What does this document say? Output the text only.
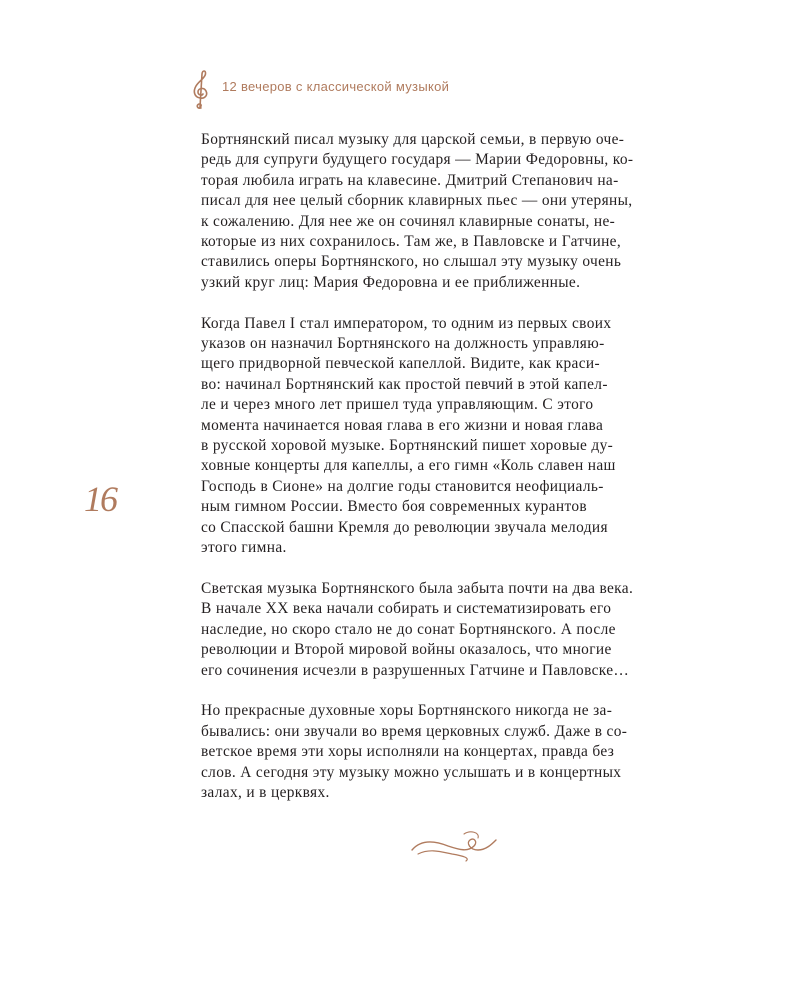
12 вечеров с классической музыкой
16

Бортнянский писал музыку для царской семьи, в первую оче-
редь для супруги будущего государя — Марии Федоровны, ко-
торая любила играть на клавесине. Дмитрий Степанович на-
писал для нее целый сборник клавирных пьес — они утеряны,
к сожалению. Для нее же он сочинял клавирные сонаты, не-
которые из них сохранилось. Там же, в Павловске и Гатчине,
ставились оперы Бортнянского, но слышал эту музыку очень
узкий круг лиц: Мария Федоровна и ее приближенные.

Когда Павел I стал императором, то одним из первых своих
указов он назначил Бортнянского на должность управляю-
щего придворной певческой капеллой. Видите, как краси-
во: начинал Бортнянский как простой певчий в этой капел-
ле и через много лет пришел туда управляющим. С этого
момента начинается новая глава в его жизни и новая глава
в русской хоровой музыке. Бортнянский пишет хоровые ду-
ховные концерты для капеллы, а его гимн «Коль славен наш
Господь в Сионе» на долгие годы становится неофициаль-
ным гимном России. Вместо боя современных курантов
со Спасской башни Кремля до революции звучала мелодия
этого гимна.

Светская музыка Бортнянского была забыта почти на два века.
В начале XX века начали собирать и систематизировать его
наследие, но скоро стало не до сонат Бортнянского. А после
революции и Второй мировой войны оказалось, что многие
его сочинения исчезли в разрушенных Гатчине и Павловске…

Но прекрасные духовные хоры Бортнянского никогда не за-
бывались: они звучали во время церковных служб. Даже в со-
ветское время эти хоры исполняли на концертах, правда без
слов. А сегодня эту музыку можно услышать и в концертных
залах, и в церквях.
